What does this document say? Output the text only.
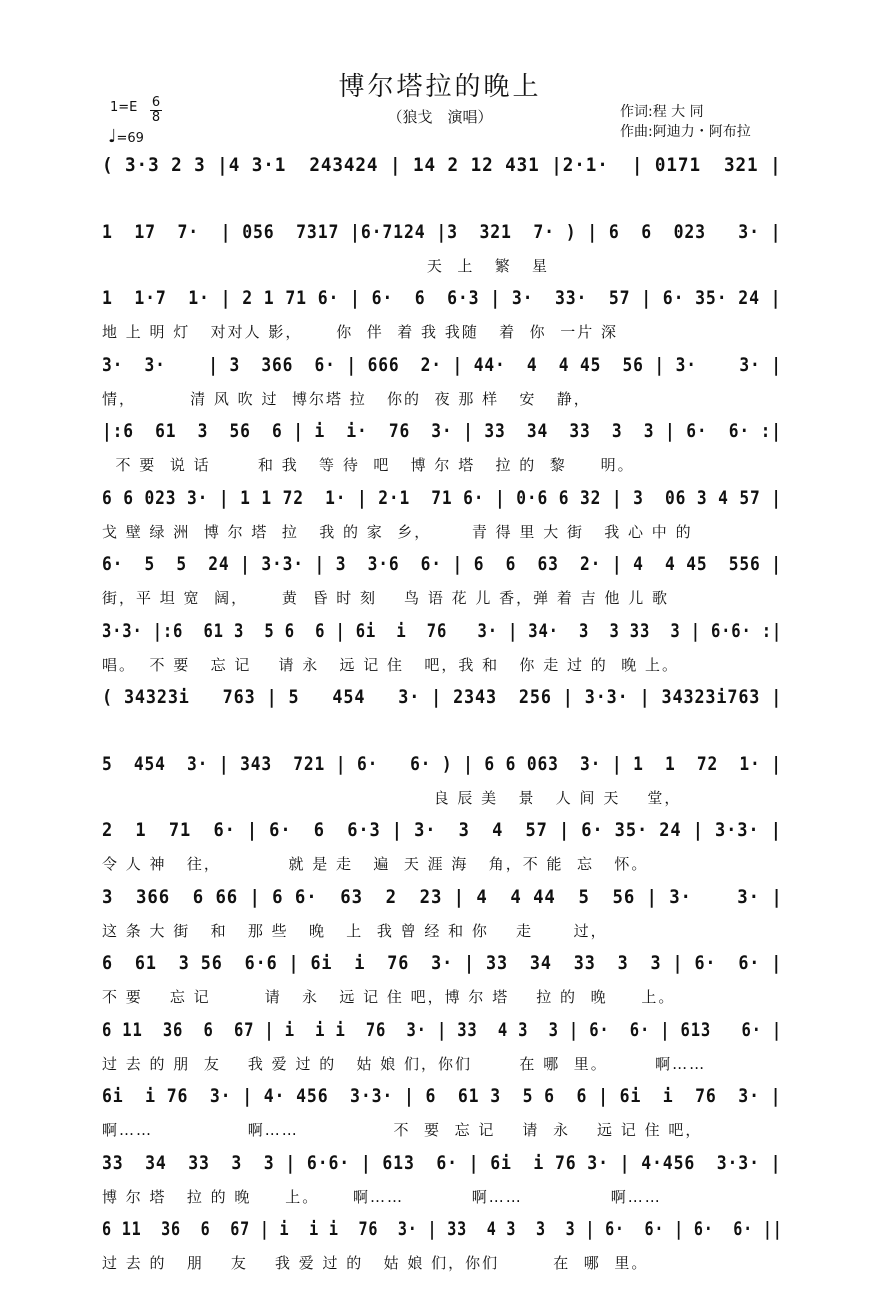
博尔塔拉的晚上
（狼戈　演唱）
1=E 6
8
♩=69
作词:程 大 同
作曲:阿迪力・阿布拉
( 3·3 2 3 |4 3·1  243424 | 14 2 12 431 |2·1·  | 0171  321 |
1  17  7·  | 056  7317 |6·7124 |3  321  7· ) | 6  6  023   3· |
天  上   繁   星
1  1·7  1· | 2 1 71 6· | 6·  6  6·3 | 3·  33·  57 | 6· 35· 24 |
地 上 明 灯   对对人 影，     你  伴  着 我 我随   着  你  一片 深
3·  3·    | 3  366  6· | 666  2· | 44·  4  4 45  56 | 3·    3· |
情，        清 风 吹 过  博尔塔 拉   你的  夜 那 样   安   静，
|:6  61  3  56  6 | i  i·  76  3· | 33  34  33  3  3 | 6·  6· :|
不 要  说 话       和 我   等 待  吧   博 尔 塔   拉 的  黎     明。
6 6 023 3· | 1 1 72  1· | 2·1  71 6· | 0·6 6 32 | 3  06 3 4 57 |
戈 壁 绿 洲  博 尔 塔  拉   我 的 家  乡，      青 得 里 大 街   我 心 中 的
6·  5  5  24 | 3·3· | 3  3·6  6· | 6  6  63  2· | 4  4 45  556 |
街，平 坦 宽  阔，     黄  昏 时 刻    鸟 语 花 儿 香，弹 着 吉 他 儿 歌
3·3· |:6  61 3  5 6  6 | 6i  i  76   3· | 34·  3  3 33  3 | 6·6· :|
唱。  不 要   忘 记    请 永   远 记 住   吧，我 和   你 走 过 的  晚 上。
( 34323i   763 | 5   454   3· | 2343  256 | 3·3· | 34323i763 |
5  454  3· | 343  721 | 6·   6· ) | 6 6 063  3· | 1  1  72  1· |
良 辰 美   景   人 间 天    堂，
2  1  71  6· | 6·  6  6·3 | 3·  3  4  57 | 6· 35· 24 | 3·3· |
令 人 神   往，          就 是 走   遍  天 涯 海   角，不 能  忘   怀。
3  366  6 66 | 6 6·  63  2  23 | 4  4 44  5  56 | 3·    3· |
这 条 大 街   和   那 些   晚   上  我 曾 经 和 你    走      过，
6  61  3 56  6·6 | 6i  i  76  3· | 33  34  33  3  3 | 6·  6· |
不 要    忘 记        请   永   远 记 住 吧，博 尔 塔    拉 的  晚     上。
6 11  36  6  67 | i  i i  76  3· | 33  4 3  3 | 6·  6· | 613   6· |
过 去 的 朋  友    我 爱 过 的   姑 娘 们，你们       在 哪  里。       啊……
6i  i 76  3· | 4· 456  3·3· | 6  61 3  5 6  6 | 6i  i  76  3· |
啊……              啊……              不  要  忘 记    请  永    远 记 住 吧，
33  34  33  3  3 | 6·6· | 613  6· | 6i  i 76 3· | 4·456  3·3· |
博 尔 塔   拉 的 晚     上。     啊……          啊……             啊……
6 11  36  6  67 | i  i i  76  3· | 33  4 3  3  3 | 6·  6· | 6·  6· ||
过 去 的   朋    友    我 爱 过 的   姑 娘 们，你们        在  哪  里。
